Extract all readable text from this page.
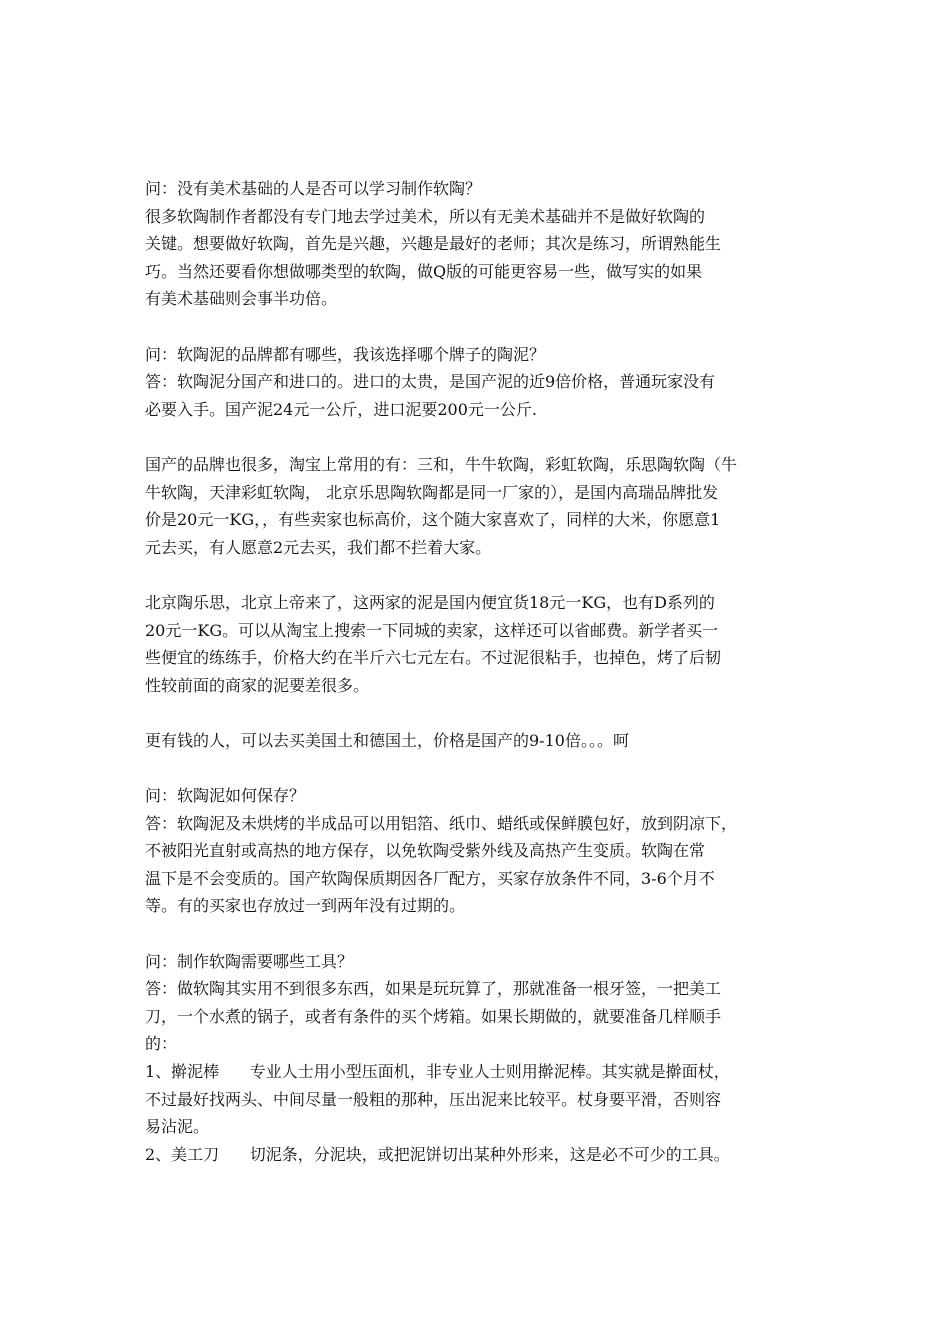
问：没有美术基础的人是否可以学习制作软陶？
很多软陶制作者都没有专门地去学过美术，所以有无美术基础并不是做好软陶的
关键。想要做好软陶，首先是兴趣，兴趣是最好的老师；其次是练习，所谓熟能生
巧。当然还要看你想做哪类型的软陶，做Q版的可能更容易一些，做写实的如果
有美术基础则会事半功倍。
问：软陶泥的品牌都有哪些，我该选择哪个牌子的陶泥？
答：软陶泥分国产和进口的。进口的太贵，是国产泥的近9倍价格，普通玩家没有
必要入手。国产泥24元一公斤，进口泥要200元一公斤.
国产的品牌也很多，淘宝上常用的有：三和，牛牛软陶，彩虹软陶，乐思陶软陶（牛
牛软陶，天津彩虹软陶， 北京乐思陶软陶都是同一厂家的），是国内高瑞品牌批发
价是20元一KG，，有些卖家也标高价，这个随大家喜欢了，同样的大米，你愿意1
元去买，有人愿意2元去买，我们都不拦着大家。
北京陶乐思，北京上帝来了，这两家的泥是国内便宜货18元一KG，也有D系列的
20元一KG。可以从淘宝上搜索一下同城的卖家，这样还可以省邮费。新学者买一
些便宜的练练手，价格大约在半斤六七元左右。不过泥很粘手，也掉色，烤了后韧
性较前面的商家的泥要差很多。
更有钱的人，可以去买美国土和德国土，价格是国产的9-10倍。。。呵
问：软陶泥如何保存？
答：软陶泥及未烘烤的半成品可以用铝箔、纸巾、蜡纸或保鲜膜包好，放到阴凉下，
不被阳光直射或高热的地方保存，以免软陶受紫外线及高热产生变质。软陶在常
温下是不会变质的。国产软陶保质期因各厂配方，买家存放条件不同，3-6个月不
等。有的买家也存放过一到两年没有过期的。
问：制作软陶需要哪些工具？
答：做软陶其实用不到很多东西，如果是玩玩算了，那就准备一根牙签，一把美工
刀，一个水煮的锅子，或者有条件的买个烤箱。如果长期做的，就要准备几样顺手
的：
1、擀泥棒      专业人士用小型压面机，非专业人士则用擀泥棒。其实就是擀面杖，
不过最好找两头、中间尽量一般粗的那种，压出泥来比较平。杖身要平滑，否则容
易沾泥。
2、美工刀      切泥条，分泥块，或把泥饼切出某种外形来，这是必不可少的工具。
